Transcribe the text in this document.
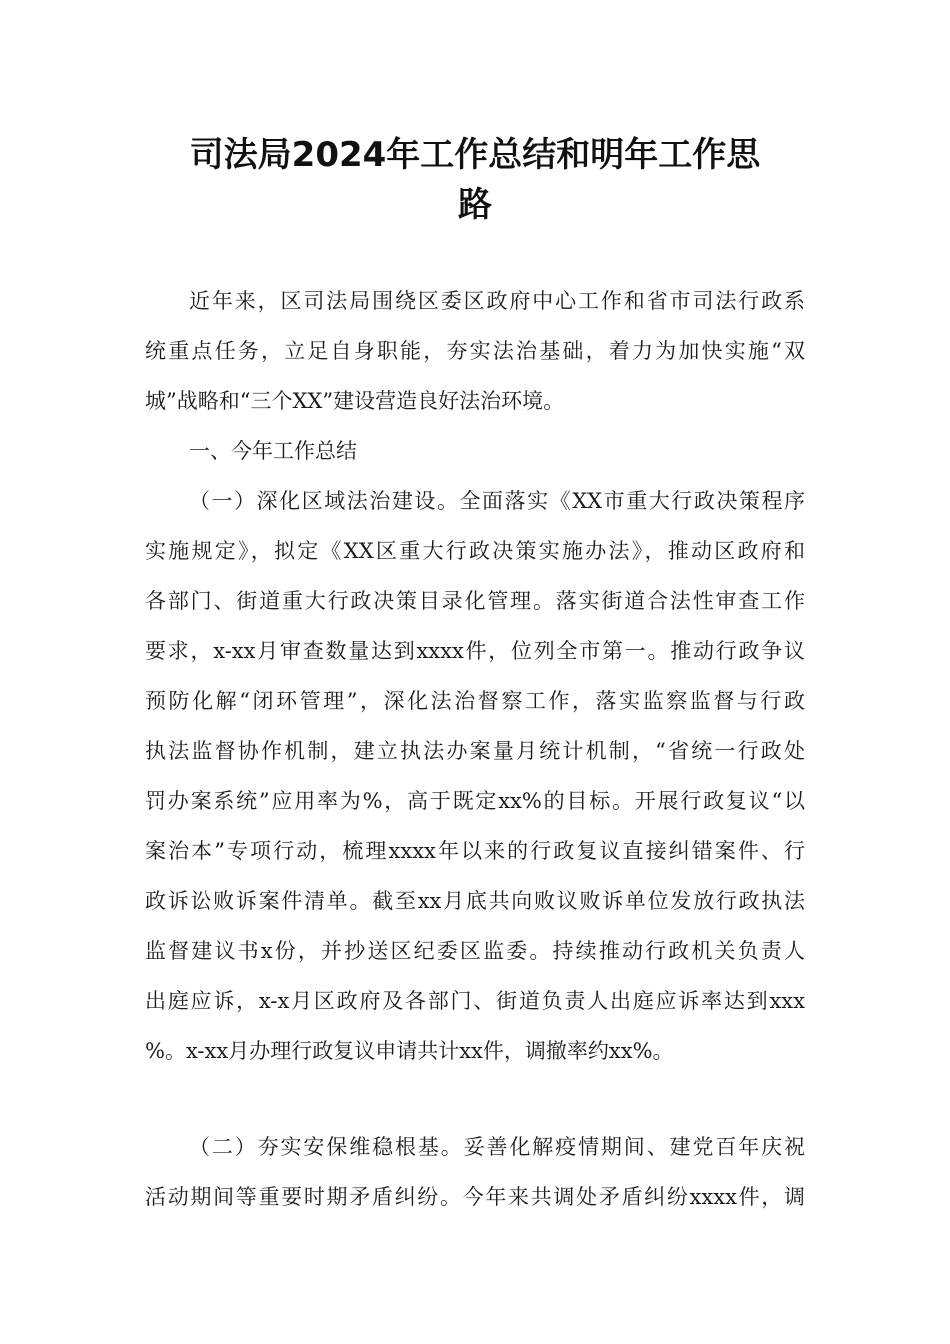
司法局2024年工作总结和明年工作思
路
近年来，区司法局围绕区委区政府中心工作和省市司法行政系
统重点任务，立足自身职能，夯实法治基础，着力为加快实施“双
城”战略和“三个XX”建设营造良好法治环境。
一、今年工作总结
（一）深化区域法治建设。全面落实《XX市重大行政决策程序
实施规定》，拟定《XX区重大行政决策实施办法》，推动区政府和
各部门、街道重大行政决策目录化管理。落实街道合法性审查工作
要求，x-xx月审查数量达到xxxx件，位列全市第一。推动行政争议
预防化解“闭环管理”，深化法治督察工作，落实监察监督与行政
执法监督协作机制，建立执法办案量月统计机制，“省统一行政处
罚办案系统”应用率为%，高于既定xx%的目标。开展行政复议“以
案治本”专项行动，梳理xxxx年以来的行政复议直接纠错案件、行
政诉讼败诉案件清单。截至xx月底共向败议败诉单位发放行政执法
监督建议书x份，并抄送区纪委区监委。持续推动行政机关负责人
出庭应诉，x-x月区政府及各部门、街道负责人出庭应诉率达到xxx
%。x-xx月办理行政复议申请共计xx件，调撤率约xx%。
（二）夯实安保维稳根基。妥善化解疫情期间、建党百年庆祝
活动期间等重要时期矛盾纠纷。今年来共调处矛盾纠纷xxxx件，调
